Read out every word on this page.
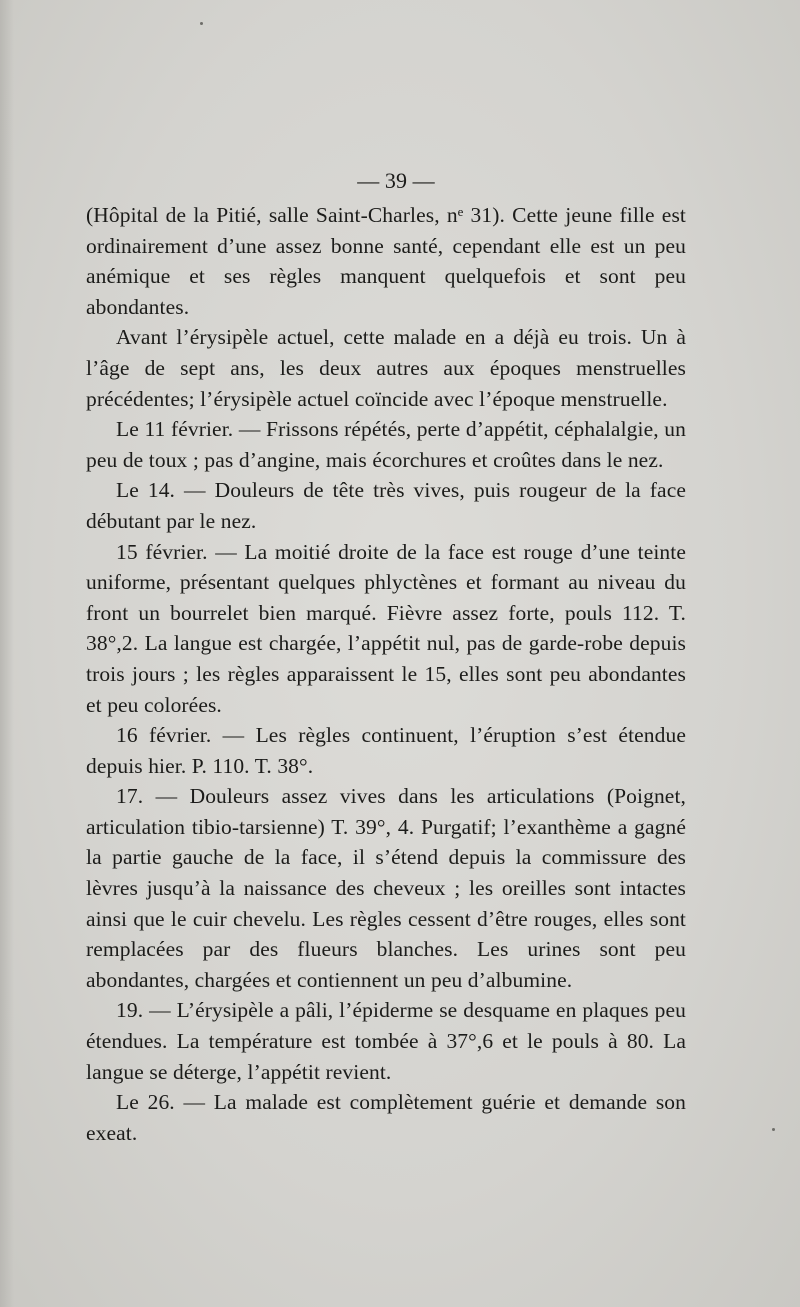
— 39 —

(Hôpital de la Pitié, salle Saint-Charles, nᵉ 31). Cette jeune fille est ordinairement d’une assez bonne santé, cependant elle est un peu anémique et ses règles manquent quelquefois et sont peu abondantes.

Avant l’érysipèle actuel, cette malade en a déjà eu trois. Un à l’âge de sept ans, les deux autres aux époques menstruelles précédentes; l’érysipèle actuel coïncide avec l’époque menstruelle.

Le 11 février. — Frissons répétés, perte d’appétit, céphalalgie, un peu de toux ; pas d’angine, mais écorchures et croûtes dans le nez.

Le 14. — Douleurs de tête très vives, puis rougeur de la face débutant par le nez.

15 février. — La moitié droite de la face est rouge d’une teinte uniforme, présentant quelques phlyctènes et formant au niveau du front un bourrelet bien marqué. Fièvre assez forte, pouls 112. T. 38°,2. La langue est chargée, l’appétit nul, pas de garde-robe depuis trois jours ; les règles apparaissent le 15, elles sont peu abondantes et peu colorées.

16 février. — Les règles continuent, l’éruption s’est étendue depuis hier. P. 110. T. 38°.

17. — Douleurs assez vives dans les articulations (Poignet, articulation tibio-tarsienne) T. 39°, 4. Purgatif; l’exanthème a gagné la partie gauche de la face, il s’étend depuis la commissure des lèvres jusqu’à la naissance des cheveux ; les oreilles sont intactes ainsi que le cuir chevelu. Les règles cessent d’être rouges, elles sont remplacées par des flueurs blanches. Les urines sont peu abondantes, chargées et contiennent un peu d’albumine.

19. — L’érysipèle a pâli, l’épiderme se desquame en plaques peu étendues. La température est tombée à 37°,6 et le pouls à 80. La langue se déterge, l’appétit revient.

Le 26. — La malade est complètement guérie et demande son exeat.
